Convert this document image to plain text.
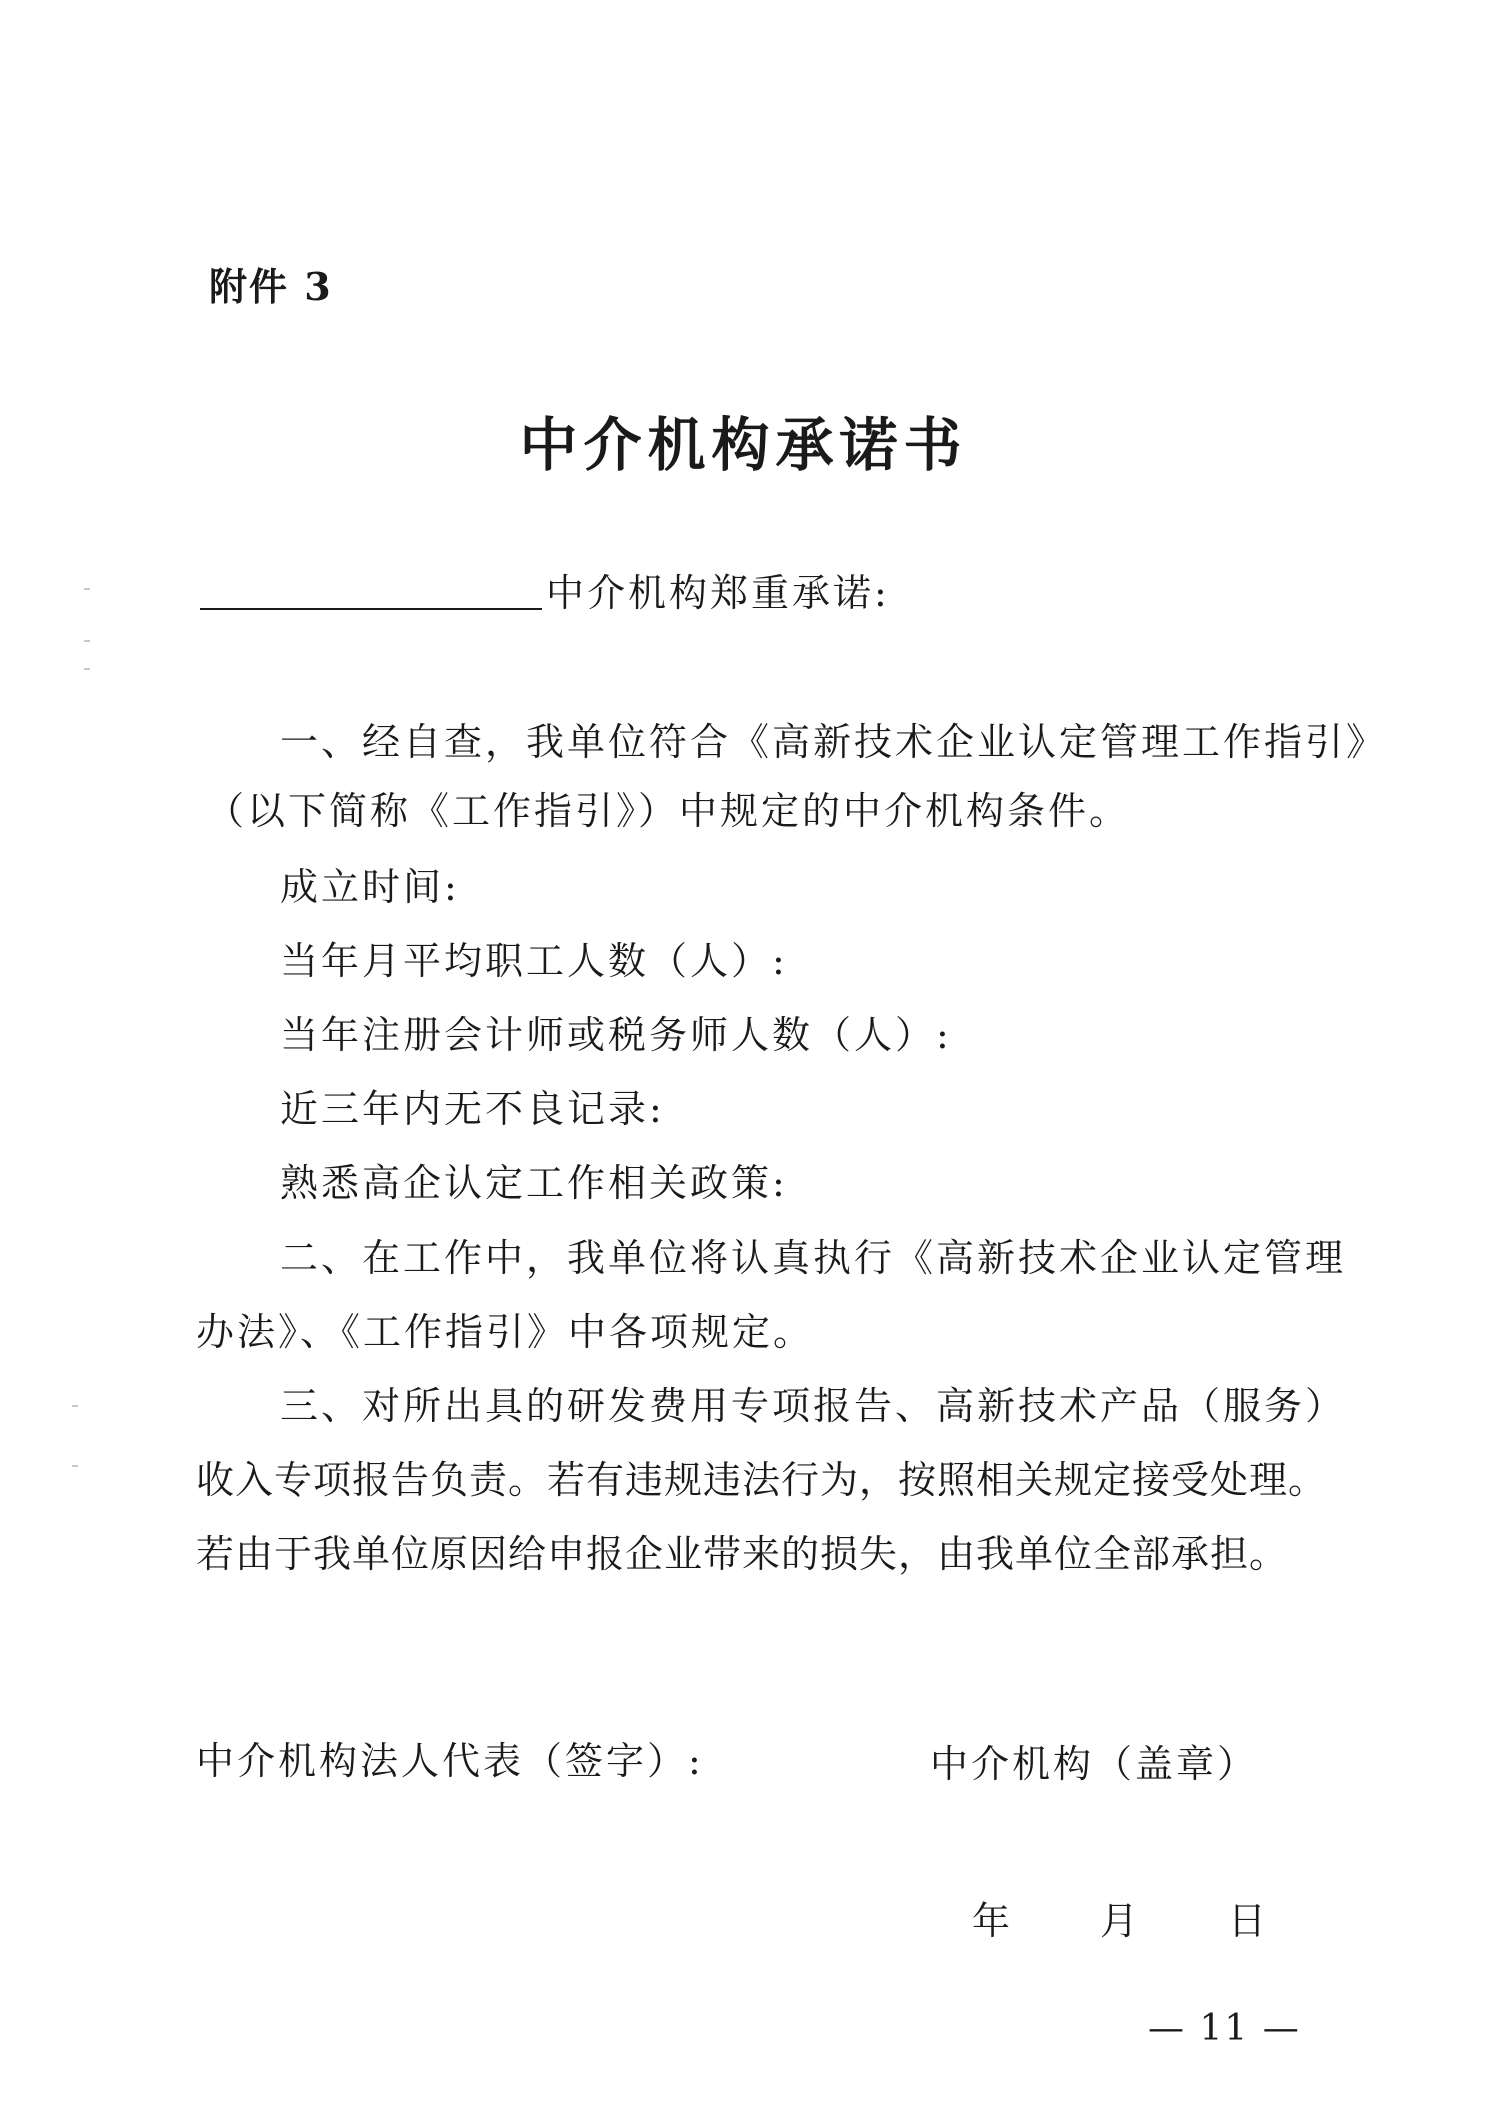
附件 3
中介机构承诺书
中介机构郑重承诺:
一、经自查，我单位符合《高新技术企业认定管理工作指引》
（以下简称《工作指引》）中规定的中介机构条件。
成立时间:
当年月平均职工人数（人）:
当年注册会计师或税务师人数（人）:
近三年内无不良记录:
熟悉高企认定工作相关政策:
二、在工作中，我单位将认真执行《高新技术企业认定管理
办法》、《工作指引》中各项规定。
三、对所出具的研发费用专项报告、高新技术产品（服务）
收入专项报告负责。若有违规违法行为，按照相关规定接受处理。
若由于我单位原因给申报企业带来的损失，由我单位全部承担。
中介机构法人代表（签字）:	中介机构（盖章）
年 月 日
— 11 —
